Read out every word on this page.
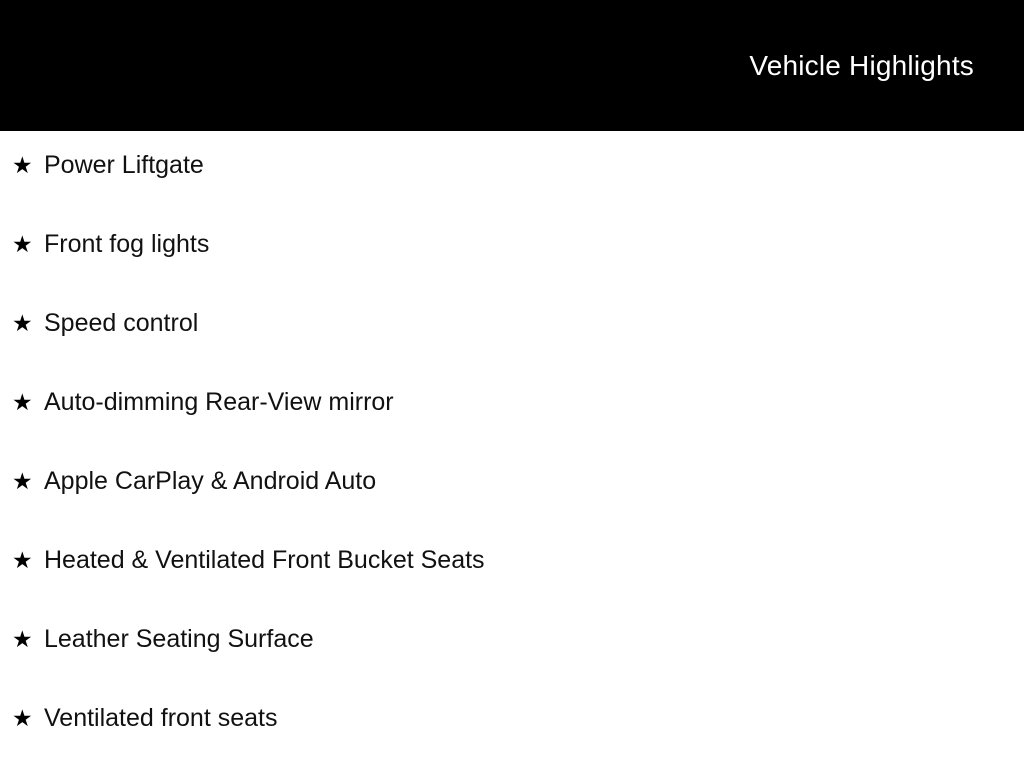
Vehicle Highlights
★ Power Liftgate
★ Front fog lights
★ Speed control
★ Auto-dimming Rear-View mirror
★ Apple CarPlay & Android Auto
★ Heated & Ventilated Front Bucket Seats
★ Leather Seating Surface
★ Ventilated front seats
